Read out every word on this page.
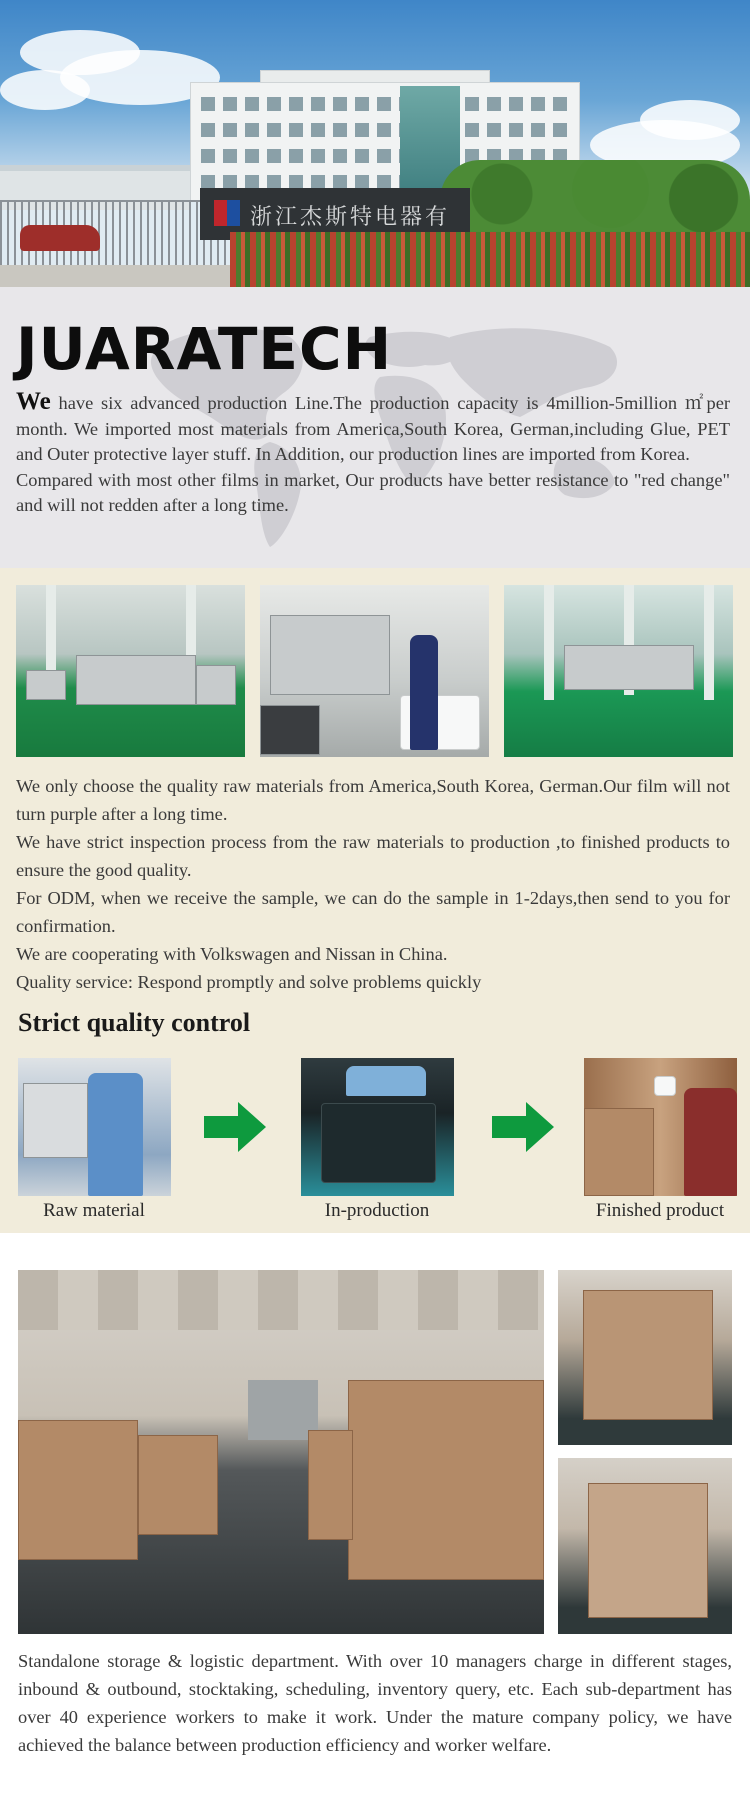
浙江杰斯特电器有
JUARATECH
We have six advanced production Line.The production capacity is 4million-5million ㎡per month. We imported most materials from America,South Korea, German,including Glue, PET and Outer protective layer stuff. In Addition, our production lines are imported from Korea.
Compared with most other films in market, Our products have better resistance to "red change" and will not redden after a long time.

We only choose the quality raw materials from America,South Korea, German.Our film will not turn purple after a long time.

We have strict inspection process from the raw materials to production ,to finished products to ensure the good quality.

For ODM, when we receive the sample, we can do the sample in 1-2days,then send to you for confirmation.

We are cooperating with Volkswagen and Nissan in China.

Quality service: Respond promptly and solve problems quickly

Strict quality control
Raw material	In-production	Finished product
Standalone storage & logistic department. With over 10 managers charge in different stages, inbound & outbound, stocktaking, scheduling, inventory query, etc. Each sub-department has over 40 experience workers to make it work. Under the mature company policy, we have achieved the balance between production efficiency and worker welfare.
